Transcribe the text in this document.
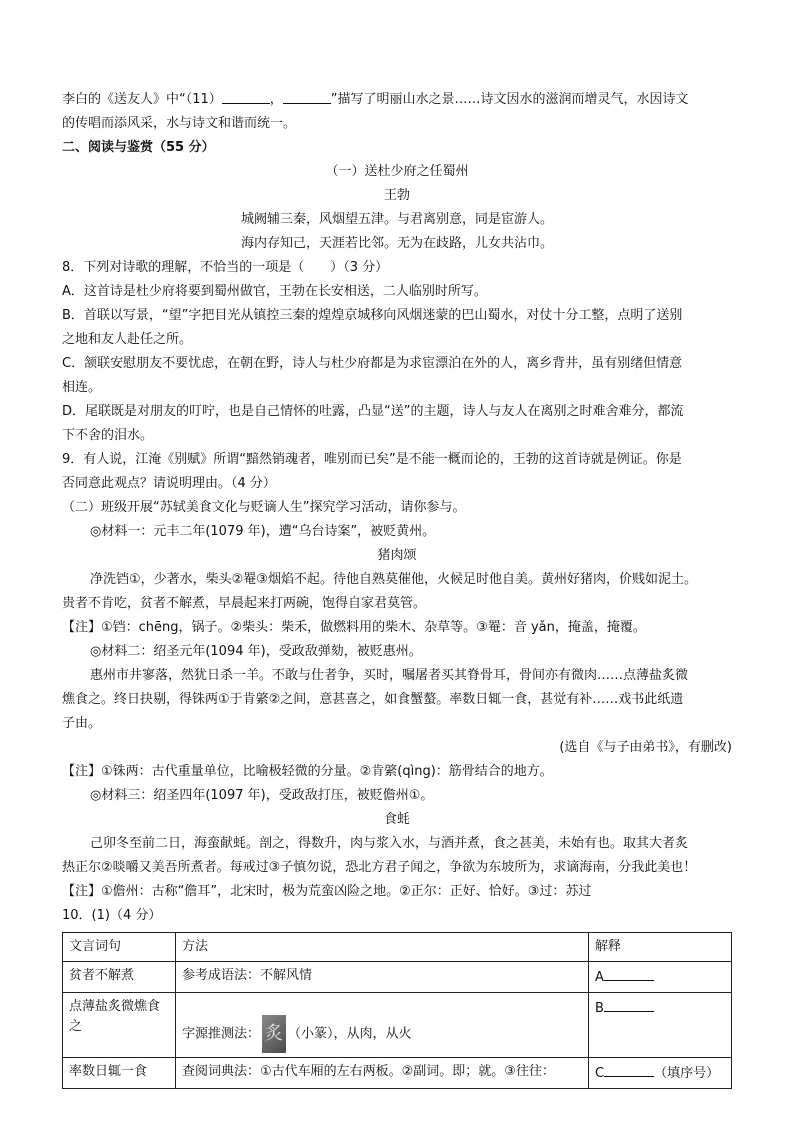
李白的《送友人》中“（11）	，	”描写了明丽山水之景……诗文因水的滋润而增灵气，水因诗文

的传唱而添风采，水与诗文和谐而统一。

二、阅读与鉴赏（55 分）

（一）送杜少府之任蜀州

王勃

城阙辅三秦，风烟望五津。与君离别意，同是宦游人。

海内存知己，天涯若比邻。无为在歧路，儿女共沾巾。

8．下列对诗歌的理解，不恰当的一项是（　　）（3 分）

A．这首诗是杜少府将要到蜀州做官，王勃在长安相送，二人临别时所写。

B．首联以写景，“望”字把目光从镇控三秦的煌煌京城移向风烟迷蒙的巴山蜀水，对仗十分工整，点明了送别

之地和友人赴任之所。

C．颔联安慰朋友不要忧虑，在朝在野，诗人与杜少府都是为求宦漂泊在外的人，离乡背井，虽有别绪但情意

相连。

D．尾联既是对朋友的叮咛，也是自己情怀的吐露，凸显“送”的主题，诗人与友人在离别之时难舍难分，都流

下不舍的泪水。

9．有人说，江淹《别赋》所谓“黯然销魂者，唯别而已矣”是不能一概而论的，王勃的这首诗就是例证。你是

否同意此观点？请说明理由。（4 分）

（二）班级开展“苏轼美食文化与贬谪人生”探究学习活动，请你参与。

◎材料一：元丰二年(1079 年)，遭“乌台诗案”，被贬黄州。

猪肉颂

净洗铛①，少著水，柴头②罨③烟焰不起。待他自熟莫催他，火候足时他自美。黄州好猪肉，价贱如泥土。

贵者不肯吃，贫者不解煮，早晨起来打两碗，饱得自家君莫管。

【注】①铛：chēng，锅子。②柴头：柴禾，做燃料用的柴木、杂草等。③罨：音 yǎn，掩盖，掩覆。

◎材料二：绍圣元年(1094 年)，受政敌弹劾，被贬惠州。

惠州市井寥落，然犹日杀一羊。不敢与仕者争，买时，嘱屠者买其脊骨耳，骨间亦有微肉……点薄盐炙微

燋食之。终日抉剔，得铢两①于肯綮②之间，意甚喜之，如食蟹螯。率数日辄一食，甚觉有补……戏书此纸遗

子由。

(选自《与子由弟书》，有删改)

【注】①铢两：古代重量单位，比喻极轻微的分量。②肯綮(qìng)：筋骨结合的地方。

◎材料三：绍圣四年(1097 年)，受政敌打压，被贬儋州①。

食蚝

己卯冬至前二日，海蛮献蚝。剖之，得数升，肉与浆入水，与酒并煮，食之甚美，未始有也。取其大者炙

热正尔②啖嚼又美吾所煮者。每戒过③子慎勿说，恐北方君子闻之，争欲为东坡所为，求谪海南，分我此美也！

【注】①儋州：古称“儋耳”，北宋时，极为荒蛮凶险之地。②正尔：正好、恰好。③过：苏过

10．(1)（4 分）

文言词句	方法	解释
贫者不解煮	参考成语法：不解风情	A
点薄盐炙微燋食之	字源推测法： 炙 （小篆），从肉，从火	B
率数日辄一食	查阅词典法：①古代车厢的左右两板。②副词。即；就。③往往：	C （填序号）
